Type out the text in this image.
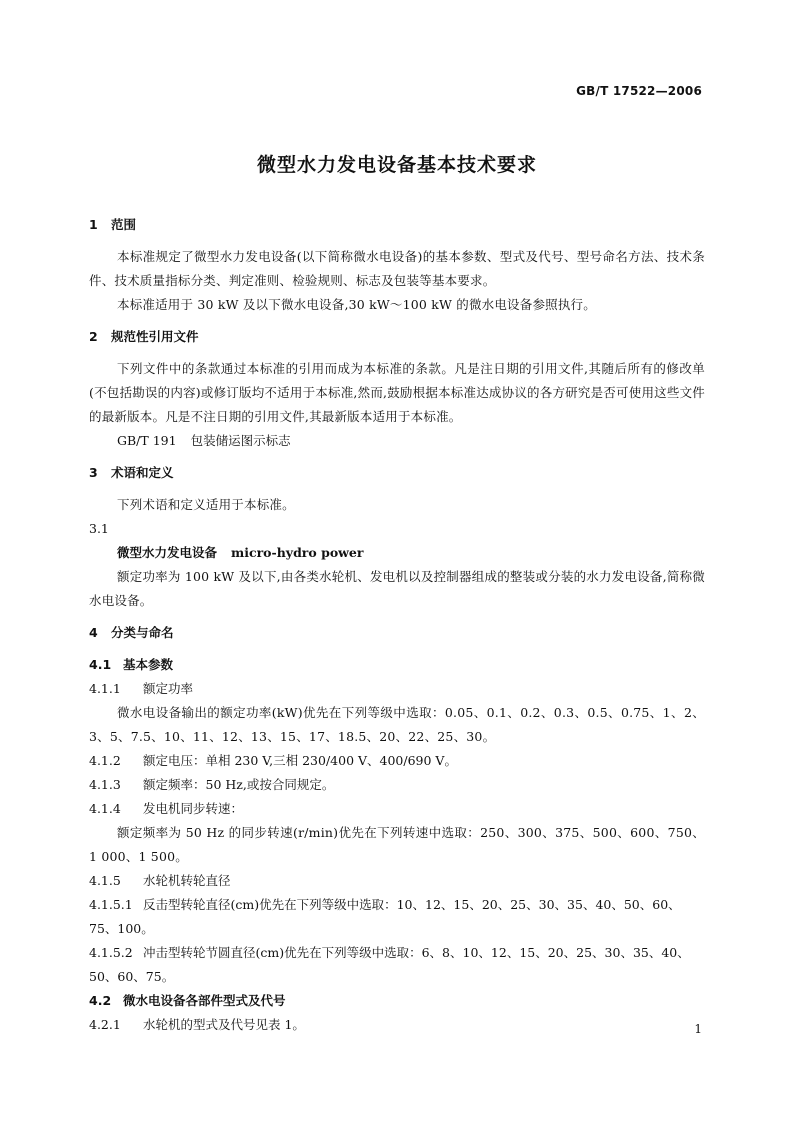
GB/T 17522—2006
微型水力发电设备基本技术要求
1 范围
本标准规定了微型水力发电设备(以下简称微水电设备)的基本参数、型式及代号、型号命名方法、技术条件、技术质量指标分类、判定准则、检验规则、标志及包装等基本要求。
本标准适用于 30 kW 及以下微水电设备,30 kW～100 kW 的微水电设备参照执行。
2 规范性引用文件
下列文件中的条款通过本标准的引用而成为本标准的条款。凡是注日期的引用文件,其随后所有的修改单(不包括勘误的内容)或修订版均不适用于本标准,然而,鼓励根据本标准达成协议的各方研究是否可使用这些文件的最新版本。凡是不注日期的引用文件,其最新版本适用于本标准。
GB/T 191 包装储运图示标志
3 术语和定义
下列术语和定义适用于本标准。
3.1
微型水力发电设备 micro-hydro power
额定功率为 100 kW 及以下,由各类水轮机、发电机以及控制器组成的整装或分装的水力发电设备,简称微水电设备。
4 分类与命名
4.1 基本参数
4.1.1 额定功率
微水电设备输出的额定功率(kW)优先在下列等级中选取：0.05、0.1、0.2、0.3、0.5、0.75、1、2、3、5、7.5、10、11、12、13、15、17、18.5、20、22、25、30。
4.1.2 额定电压：单相 230 V,三相 230/400 V、400/690 V。
4.1.3 额定频率：50 Hz,或按合同规定。
4.1.4 发电机同步转速：
额定频率为 50 Hz 的同步转速(r/min)优先在下列转速中选取：250、300、375、500、600、750、1 000、1 500。
4.1.5 水轮机转轮直径
4.1.5.1 反击型转轮直径(cm)优先在下列等级中选取：10、12、15、20、25、30、35、40、50、60、75、100。
4.1.5.2 冲击型转轮节圆直径(cm)优先在下列等级中选取：6、8、10、12、15、20、25、30、35、40、50、60、75。
4.2 微水电设备各部件型式及代号
4.2.1 水轮机的型式及代号见表 1。	1
